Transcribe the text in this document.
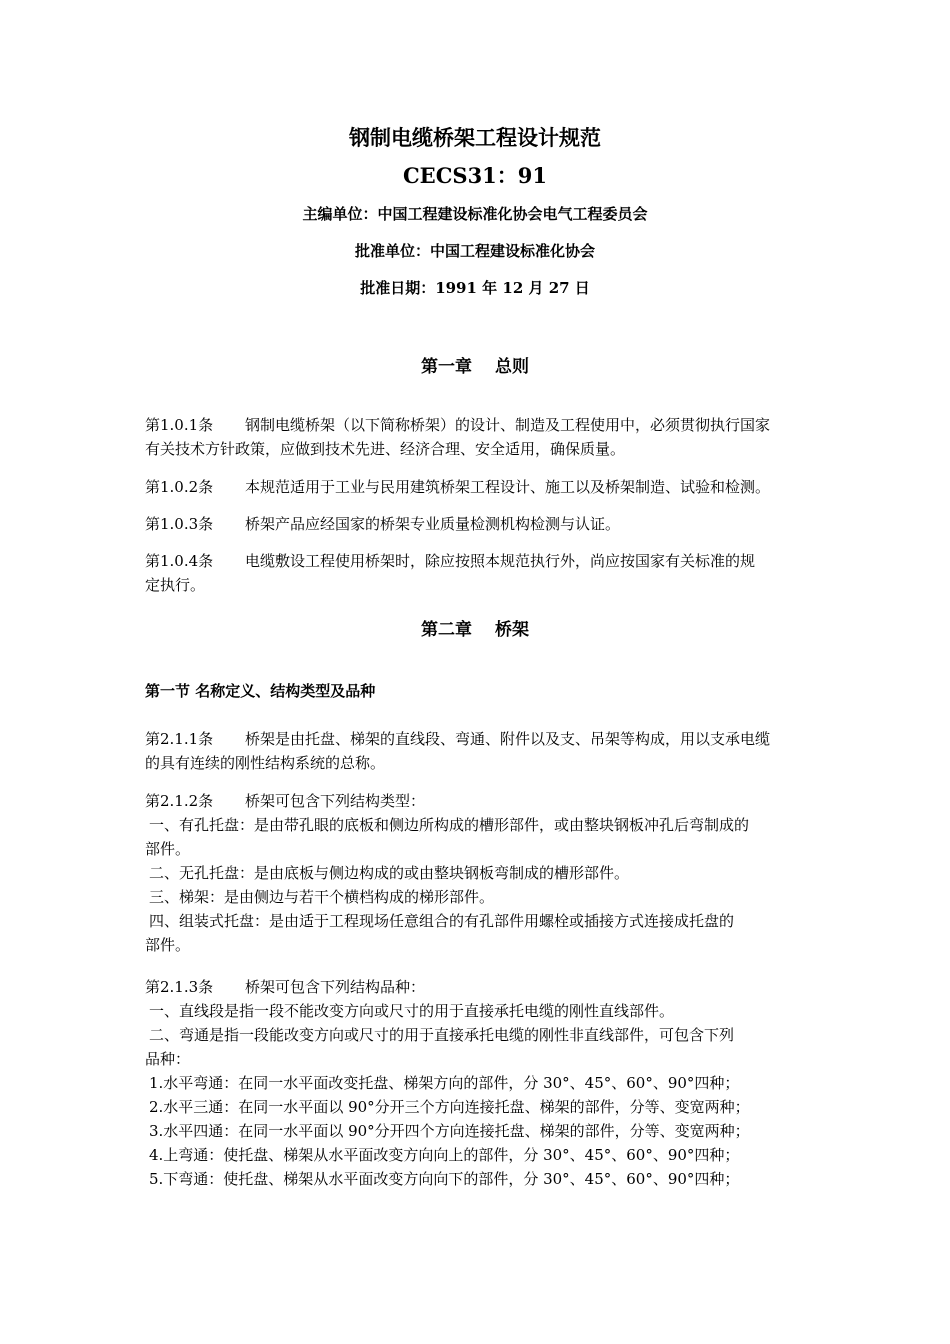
钢制电缆桥架工程设计规范
CECS31：91
主编单位：中国工程建设标准化协会电气工程委员会
批准单位：中国工程建设标准化协会
批准日期：1991 年 12 月 27 日
第一章　 总则
第1.0.1条 钢制电缆桥架（以下简称桥架）的设计、制造及工程使用中，必须贯彻执行国家
有关技术方针政策，应做到技术先进、经济合理、安全适用，确保质量。
第1.0.2条 本规范适用于工业与民用建筑桥架工程设计、施工以及桥架制造、试验和检测。
第1.0.3条 桥架产品应经国家的桥架专业质量检测机构检测与认证。
第1.0.4条 电缆敷设工程使用桥架时，除应按照本规范执行外，尚应按国家有关标准的规
定执行。
第二章　 桥架
第一节 名称定义、结构类型及品种
第2.1.1条 桥架是由托盘、梯架的直线段、弯通、附件以及支、吊架等构成，用以支承电缆
的具有连续的刚性结构系统的总称。
第2.1.2条 桥架可包含下列结构类型：
一、有孔托盘：是由带孔眼的底板和侧边所构成的槽形部件，或由整块钢板冲孔后弯制成的
部件。
二、无孔托盘：是由底板与侧边构成的或由整块钢板弯制成的槽形部件。
三、梯架：是由侧边与若干个横档构成的梯形部件。
四、组装式托盘：是由适于工程现场任意组合的有孔部件用螺栓或插接方式连接成托盘的
部件。
第2.1.3条 桥架可包含下列结构品种：
一、直线段是指一段不能改变方向或尺寸的用于直接承托电缆的刚性直线部件。
二、弯通是指一段能改变方向或尺寸的用于直接承托电缆的刚性非直线部件，可包含下列
品种：
1.水平弯通：在同一水平面改变托盘、梯架方向的部件，分 30°、45°、60°、90°四种；
2.水平三通：在同一水平面以 90°分开三个方向连接托盘、梯架的部件，分等、变宽两种；
3.水平四通：在同一水平面以 90°分开四个方向连接托盘、梯架的部件，分等、变宽两种；
4.上弯通：使托盘、梯架从水平面改变方向向上的部件，分 30°、45°、60°、90°四种；
5.下弯通：使托盘、梯架从水平面改变方向向下的部件，分 30°、45°、60°、90°四种；
